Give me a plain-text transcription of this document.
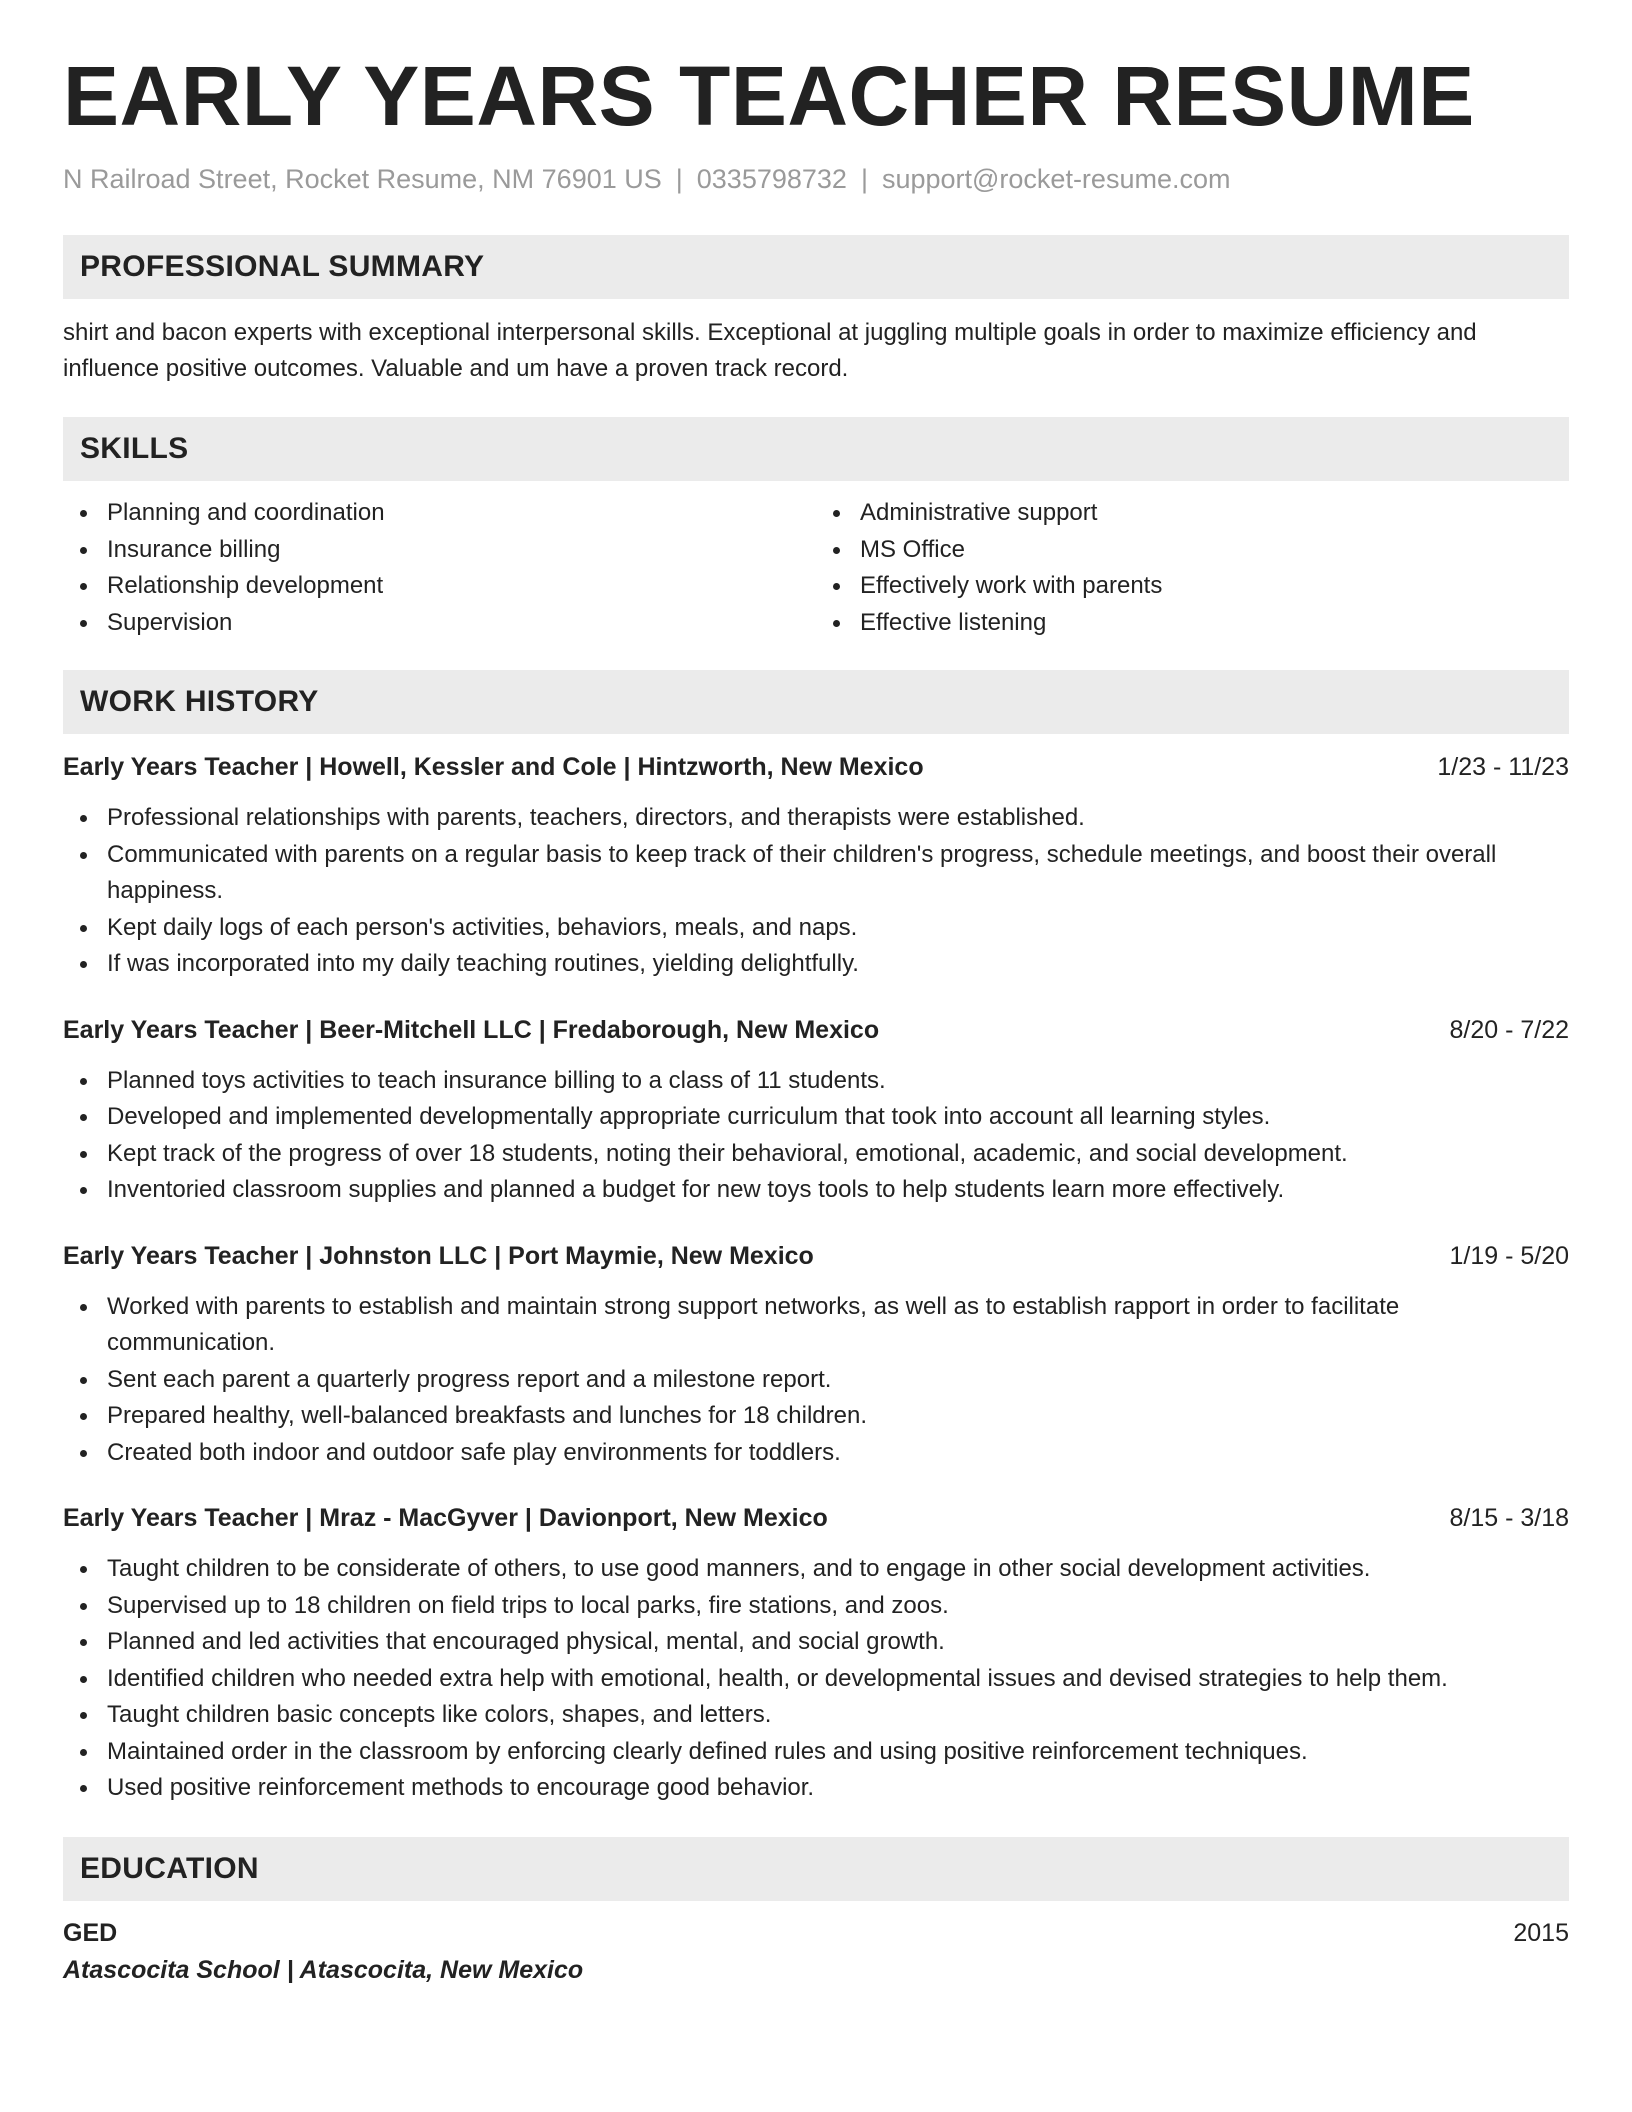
EARLY YEARS TEACHER RESUME
N Railroad Street, Rocket Resume, NM 76901 US | 0335798732 | support@rocket-resume.com
PROFESSIONAL SUMMARY
shirt and bacon experts with exceptional interpersonal skills. Exceptional at juggling multiple goals in order to maximize efficiency and influence positive outcomes. Valuable and um have a proven track record.
SKILLS
Planning and coordination
Insurance billing
Relationship development
Supervision
Administrative support
MS Office
Effectively work with parents
Effective listening
WORK HISTORY
Early Years Teacher | Howell, Kessler and Cole | Hintzworth, New Mexico	1/23 - 11/23
Professional relationships with parents, teachers, directors, and therapists were established.
Communicated with parents on a regular basis to keep track of their children's progress, schedule meetings, and boost their overall happiness.
Kept daily logs of each person's activities, behaviors, meals, and naps.
If was incorporated into my daily teaching routines, yielding delightfully.
Early Years Teacher | Beer-Mitchell LLC | Fredaborough, New Mexico	8/20 - 7/22
Planned toys activities to teach insurance billing to a class of 11 students.
Developed and implemented developmentally appropriate curriculum that took into account all learning styles.
Kept track of the progress of over 18 students, noting their behavioral, emotional, academic, and social development.
Inventoried classroom supplies and planned a budget for new toys tools to help students learn more effectively.
Early Years Teacher | Johnston LLC | Port Maymie, New Mexico	1/19 - 5/20
Worked with parents to establish and maintain strong support networks, as well as to establish rapport in order to facilitate communication.
Sent each parent a quarterly progress report and a milestone report.
Prepared healthy, well-balanced breakfasts and lunches for 18 children.
Created both indoor and outdoor safe play environments for toddlers.
Early Years Teacher | Mraz - MacGyver | Davionport, New Mexico	8/15 - 3/18
Taught children to be considerate of others, to use good manners, and to engage in other social development activities.
Supervised up to 18 children on field trips to local parks, fire stations, and zoos.
Planned and led activities that encouraged physical, mental, and social growth.
Identified children who needed extra help with emotional, health, or developmental issues and devised strategies to help them.
Taught children basic concepts like colors, shapes, and letters.
Maintained order in the classroom by enforcing clearly defined rules and using positive reinforcement techniques.
Used positive reinforcement methods to encourage good behavior.
EDUCATION
GED	2015
Atascocita School | Atascocita, New Mexico
